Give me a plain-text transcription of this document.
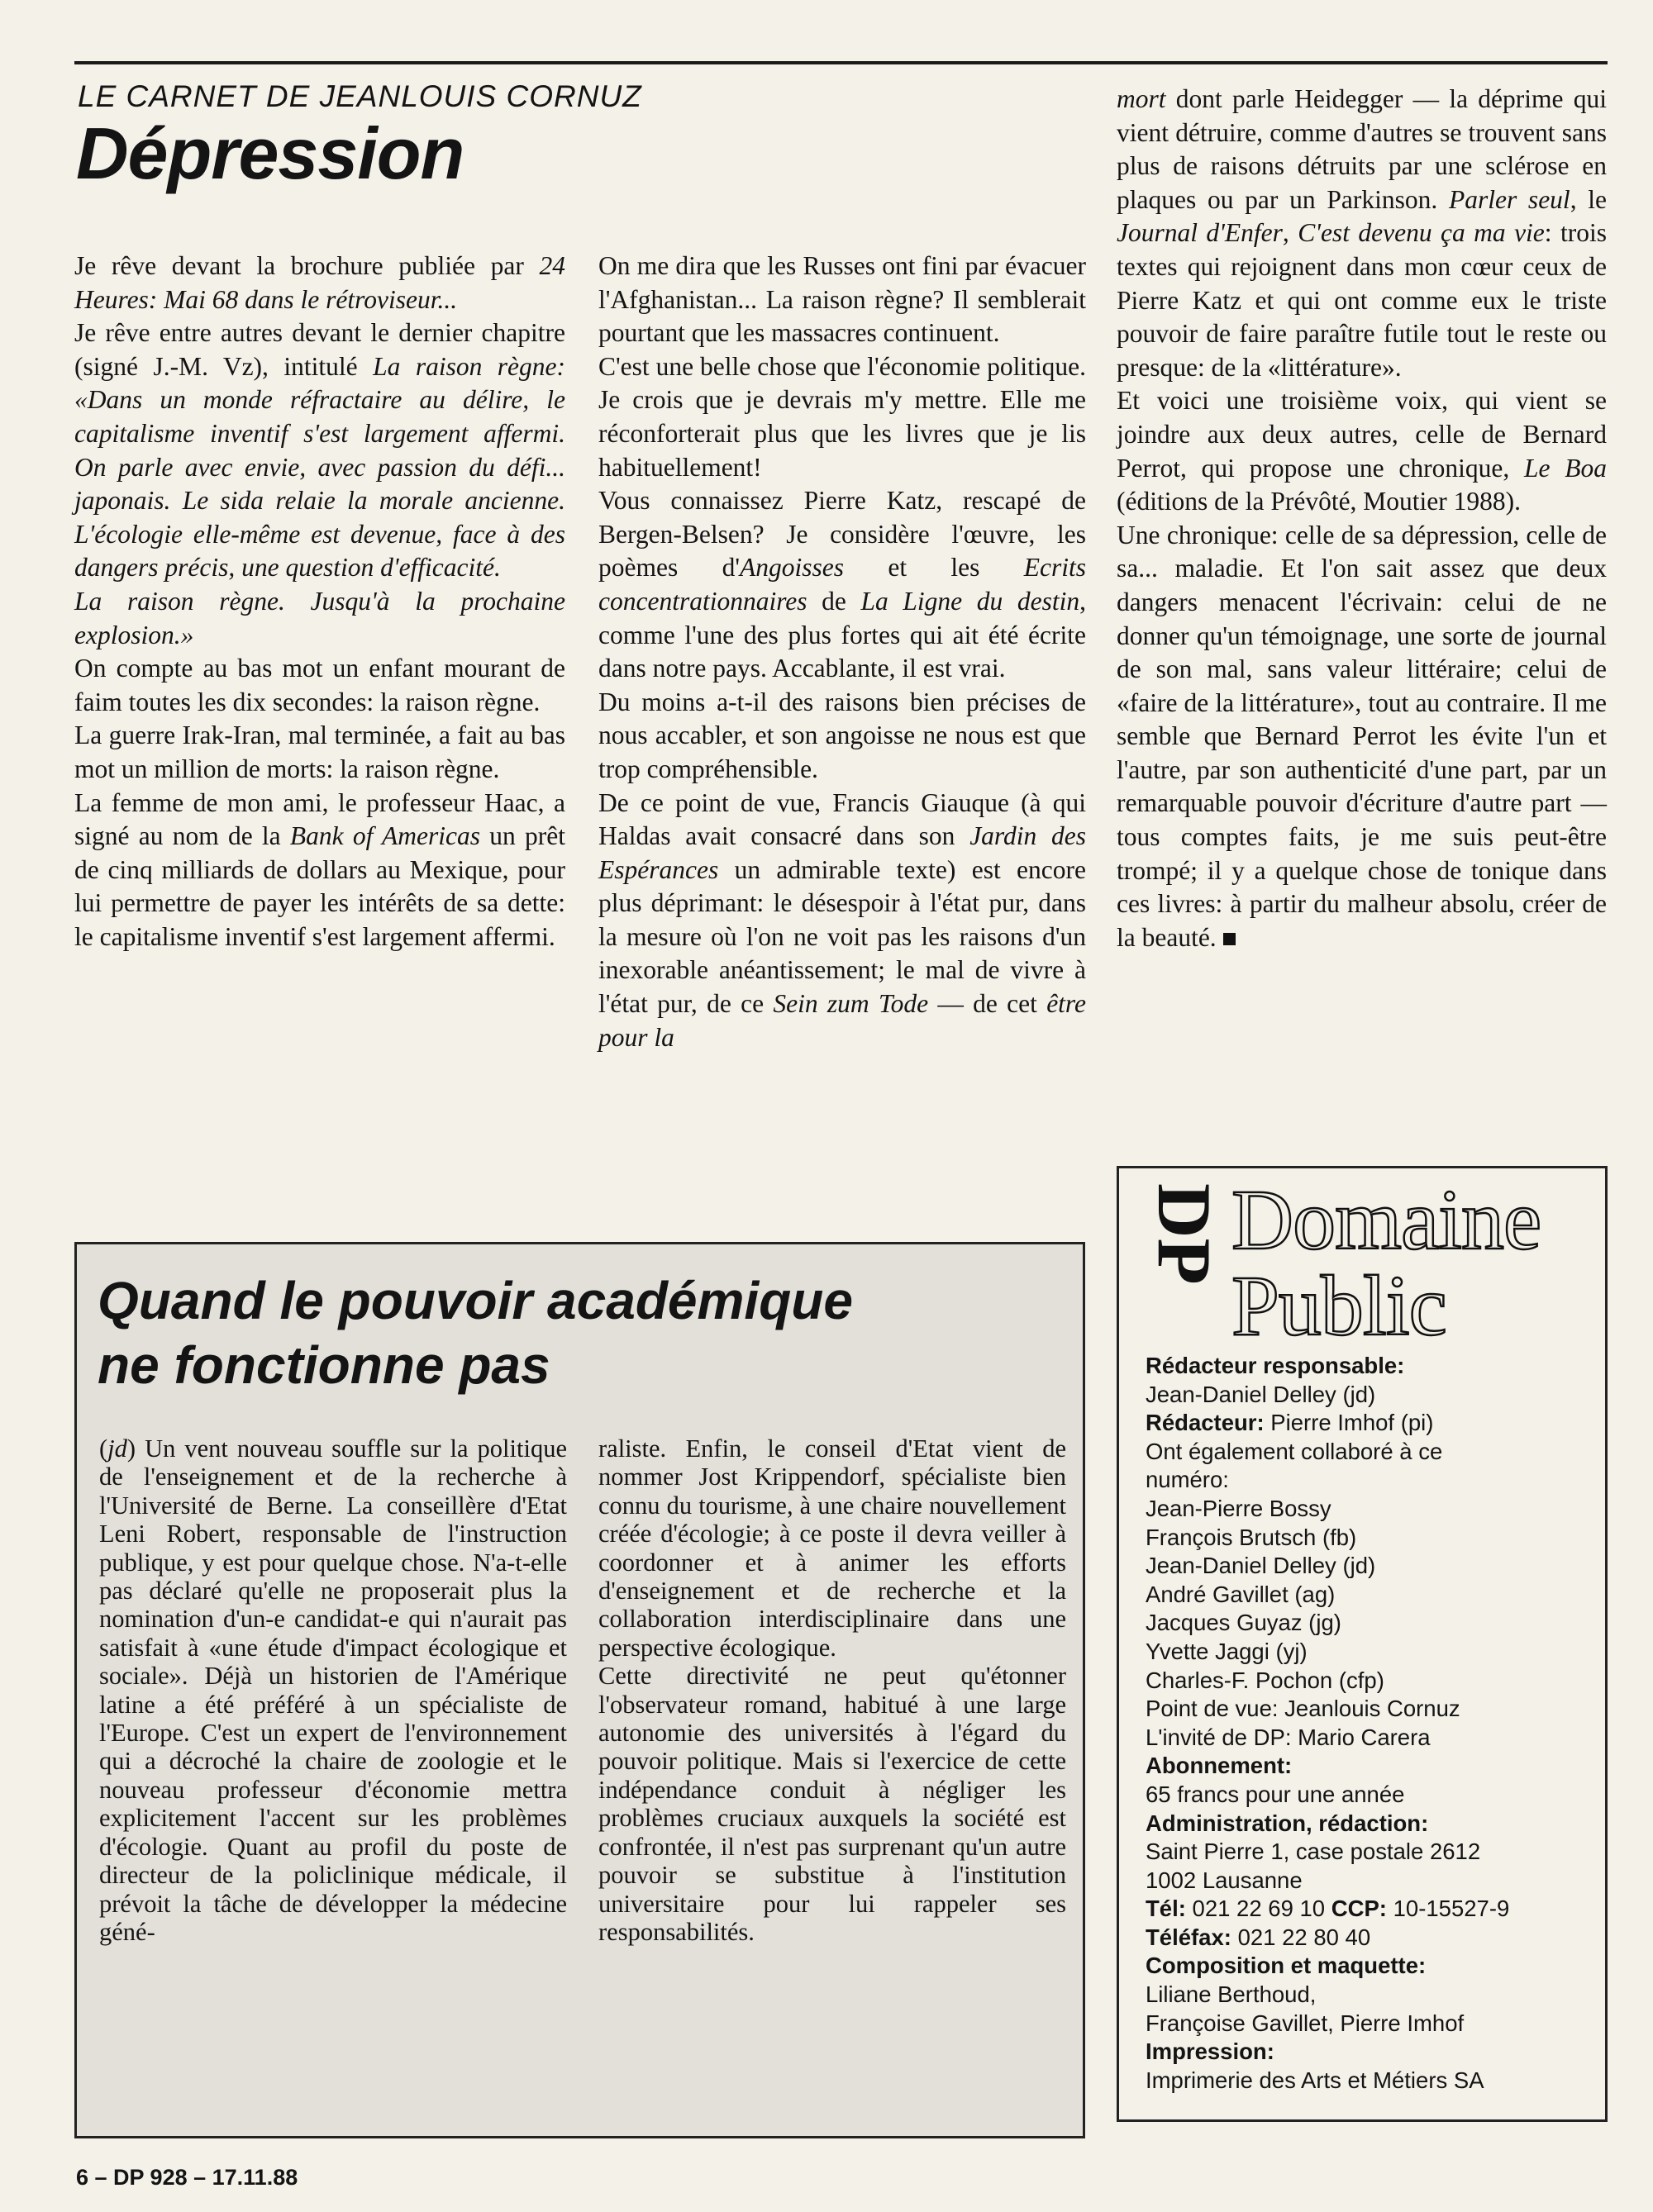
LE CARNET DE JEANLOUIS CORNUZ
Dépression

Je rêve devant la brochure publiée par 24 Heures: Mai 68 dans le rétroviseur...

Je rêve entre autres devant le dernier chapitre (signé J.-M. Vz), intitulé La raison règne: «Dans un monde réfractaire au délire, le capitalisme inventif s'est largement affermi. On parle avec envie, avec passion du défi... japonais. Le sida relaie la morale ancienne. L'écologie elle-même est devenue, face à des dangers précis, une question d'efficacité.

La raison règne. Jusqu'à la prochaine explosion.»

On compte au bas mot un enfant mourant de faim toutes les dix secondes: la raison règne.

La guerre Irak-Iran, mal terminée, a fait au bas mot un million de morts: la raison règne.

La femme de mon ami, le professeur Haac, a signé au nom de la Bank of Americas un prêt de cinq milliards de dollars au Mexique, pour lui permettre de payer les intérêts de sa dette: le capitalisme inventif s'est largement affermi.

On me dira que les Russes ont fini par évacuer l'Afghanistan... La raison règne? Il semblerait pourtant que les massacres continuent.

C'est une belle chose que l'économie politique. Je crois que je devrais m'y mettre. Elle me réconforterait plus que les livres que je lis habituellement!

Vous connaissez Pierre Katz, rescapé de Bergen-Belsen? Je considère l'œuvre, les poèmes d'Angoisses et les Ecrits concentrationnaires de La Ligne du destin, comme l'une des plus fortes qui ait été écrite dans notre pays. Accablante, il est vrai.

Du moins a-t-il des raisons bien précises de nous accabler, et son angoisse ne nous est que trop compréhensible.

De ce point de vue, Francis Giauque (à qui Haldas avait consacré dans son Jardin des Espérances un admirable texte) est encore plus déprimant: le désespoir à l'état pur, dans la mesure où l'on ne voit pas les raisons d'un inexorable anéantissement; le mal de vivre à l'état pur, de ce Sein zum Tode — de cet être pour la

mort dont parle Heidegger — la déprime qui vient détruire, comme d'autres se trouvent sans plus de raisons détruits par une sclérose en plaques ou par un Parkinson. Parler seul, le Journal d'Enfer, C'est devenu ça ma vie: trois textes qui rejoignent dans mon cœur ceux de Pierre Katz et qui ont comme eux le triste pouvoir de faire paraître futile tout le reste ou presque: de la «littérature».

Et voici une troisième voix, qui vient se joindre aux deux autres, celle de Bernard Perrot, qui propose une chronique, Le Boa (éditions de la Prévôté, Moutier 1988).

Une chronique: celle de sa dépression, celle de sa... maladie. Et l'on sait assez que deux dangers menacent l'écrivain: celui de ne donner qu'un témoignage, une sorte de journal de son mal, sans valeur littéraire; celui de «faire de la littérature», tout au contraire. Il me semble que Bernard Perrot les évite l'un et l'autre, par son authenticité d'une part, par un remarquable pouvoir d'écriture d'autre part — tous comptes faits, je me suis peut-être trompé; il y a quelque chose de tonique dans ces livres: à partir du malheur absolu, créer de la beauté.

Quand le pouvoir académique
ne fonctionne pas

(jd) Un vent nouveau souffle sur la politique de l'enseignement et de la recherche à l'Université de Berne. La conseillère d'Etat Leni Robert, responsable de l'instruction publique, y est pour quelque chose. N'a-t-elle pas déclaré qu'elle ne proposerait plus la nomination d'un-e candidat-e qui n'aurait pas satisfait à «une étude d'impact écologique et sociale». Déjà un historien de l'Amérique latine a été préféré à un spécialiste de l'Europe. C'est un expert de l'environnement qui a décroché la chaire de zoologie et le nouveau professeur d'économie mettra explicitement l'accent sur les problèmes d'écologie. Quant au profil du poste de directeur de la policlinique médicale, il prévoit la tâche de développer la médecine géné-

raliste. Enfin, le conseil d'Etat vient de nommer Jost Krippendorf, spécialiste bien connu du tourisme, à une chaire nouvellement créée d'écologie; à ce poste il devra veiller à coordonner et à animer les efforts d'enseignement et de recherche et la collaboration interdisciplinaire dans une perspective écologique.

Cette directivité ne peut qu'étonner l'observateur romand, habitué à une large autonomie des universités à l'égard du pouvoir politique. Mais si l'exercice de cette indépendance conduit à négliger les problèmes cruciaux auxquels la société est confrontée, il n'est pas surprenant qu'un autre pouvoir se substitue à l'institution universitaire pour lui rappeler ses responsabilités.

DP Domaine
Public
Rédacteur responsable:
Jean-Daniel Delley (jd)
Rédacteur: Pierre Imhof (pi)
Ont également collaboré à ce
numéro:
Jean-Pierre Bossy
François Brutsch (fb)
Jean-Daniel Delley (jd)
André Gavillet (ag)
Jacques Guyaz (jg)
Yvette Jaggi (yj)
Charles-F. Pochon (cfp)
Point de vue: Jeanlouis Cornuz
L'invité de DP: Mario Carera
Abonnement:
65 francs pour une année
Administration, rédaction:
Saint Pierre 1, case postale 2612
1002 Lausanne
Tél: 021 22 69 10 CCP: 10-15527-9
Téléfax: 021 22 80 40
Composition et maquette:
Liliane Berthoud,
Françoise Gavillet, Pierre Imhof
Impression:
Imprimerie des Arts et Métiers SA
6 – DP 928 – 17.11.88
